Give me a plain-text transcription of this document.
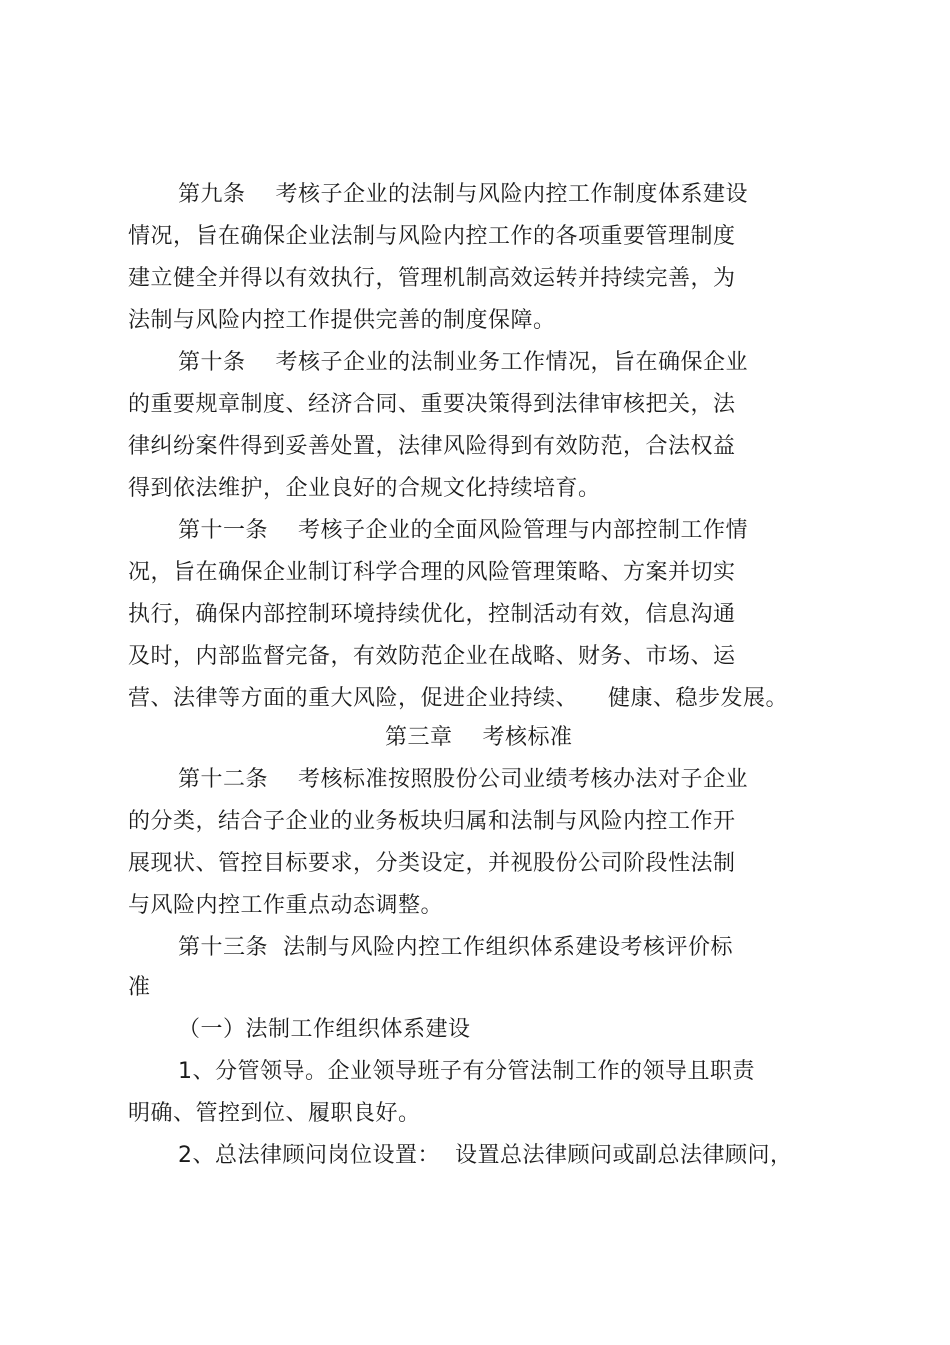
第九条    考核子企业的法制与风险内控工作制度体系建设
情况，旨在确保企业法制与风险内控工作的各项重要管理制度
建立健全并得以有效执行，管理机制高效运转并持续完善，为
法制与风险内控工作提供完善的制度保障。
第十条    考核子企业的法制业务工作情况，旨在确保企业
的重要规章制度、经济合同、重要决策得到法律审核把关，法
律纠纷案件得到妥善处置，法律风险得到有效防范，合法权益
得到依法维护，企业良好的合规文化持续培育。
第十一条    考核子企业的全面风险管理与内部控制工作情
况，旨在确保企业制订科学合理的风险管理策略、方案并切实
执行，确保内部控制环境持续优化，控制活动有效，信息沟通
及时，内部监督完备，有效防范企业在战略、财务、市场、运
营、法律等方面的重大风险，促进企业持续、    健康、稳步发展。
第三章    考核标准
第十二条    考核标准按照股份公司业绩考核办法对子企业
的分类，结合子企业的业务板块归属和法制与风险内控工作开
展现状、管控目标要求，分类设定，并视股份公司阶段性法制
与风险内控工作重点动态调整。
第十三条  法制与风险内控工作组织体系建设考核评价标
准
（一）法制工作组织体系建设
1、分管领导。企业领导班子有分管法制工作的领导且职责
明确、管控到位、履职良好。
2、总法律顾问岗位设置：  设置总法律顾问或副总法律顾问，
